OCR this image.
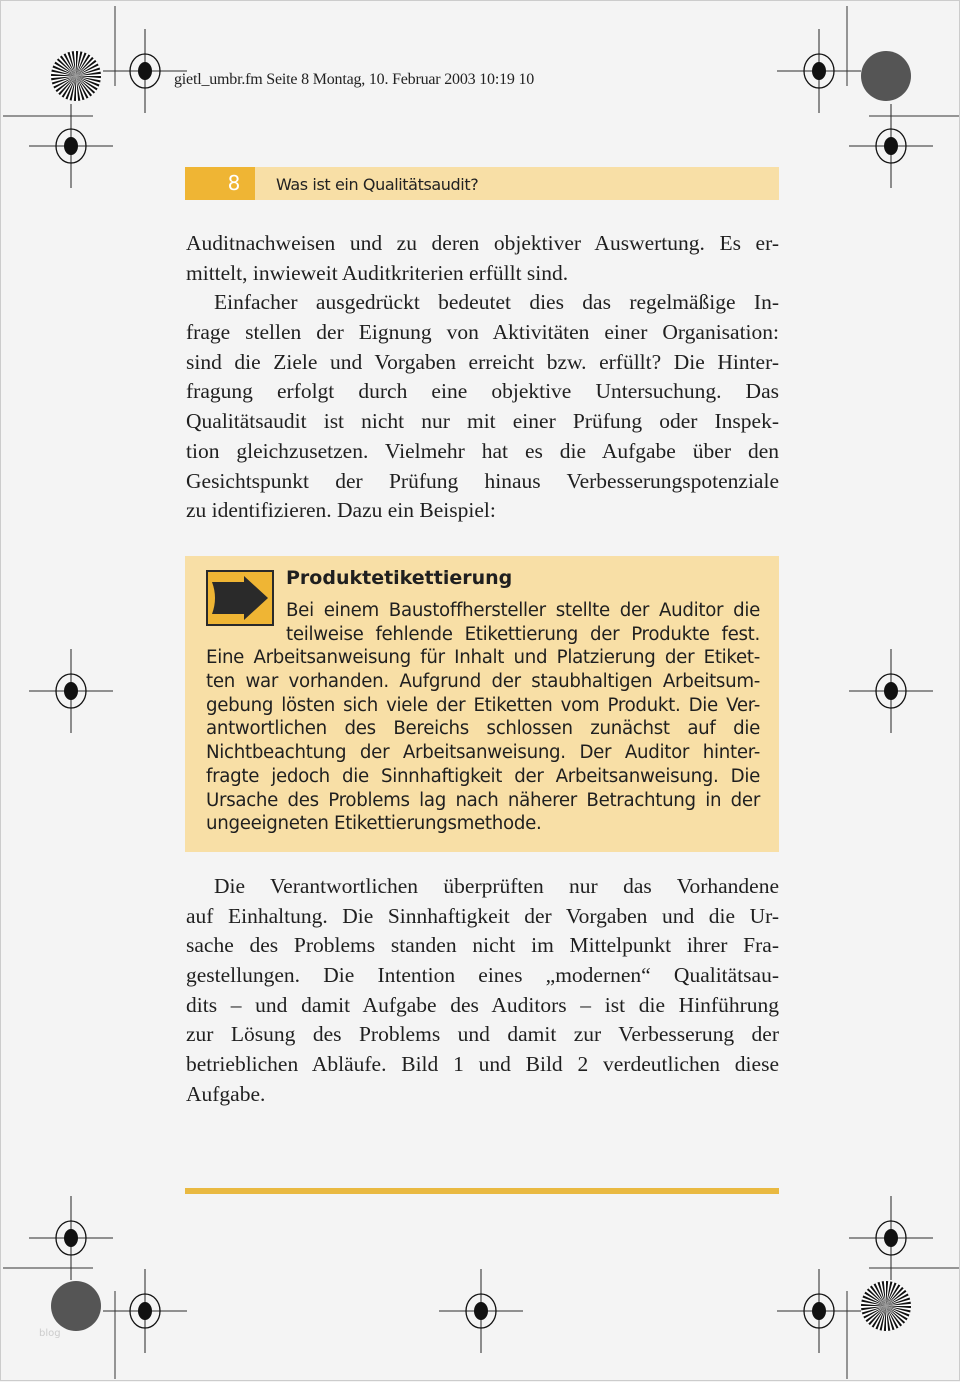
gietl_umbr.fm Seite 8 Montag, 10. Februar 2003 10:19 10
8	Was ist ein Qualitätsaudit?
Auditnachweisen und zu deren objektiver Auswertung. Es er-
mittelt, inwieweit Auditkriterien erfüllt sind.
Einfacher ausgedrückt bedeutet dies das regelmäßige In-
frage stellen der Eignung von Aktivitäten einer Organisation:
sind die Ziele und Vorgaben erreicht bzw. erfüllt? Die Hinter-
fragung erfolgt durch eine objektive Untersuchung. Das
Qualitätsaudit ist nicht nur mit einer Prüfung oder Inspek-
tion gleichzusetzen. Vielmehr hat es die Aufgabe über den
Gesichtspunkt der Prüfung hinaus Verbesserungspotenziale
zu identifizieren. Dazu ein Beispiel:
Produktetikettierung
Bei einem Baustoffhersteller stellte der Auditor die
teilweise fehlende Etikettierung der Produkte fest.
Eine Arbeitsanweisung für Inhalt und Platzierung der Etiket-
ten war vorhanden. Aufgrund der staubhaltigen Arbeitsum-
gebung lösten sich viele der Etiketten vom Produkt. Die Ver-
antwortlichen des Bereichs schlossen zunächst auf die
Nichtbeachtung der Arbeitsanweisung. Der Auditor hinter-
fragte jedoch die Sinnhaftigkeit der Arbeitsanweisung. Die
Ursache des Problems lag nach näherer Betrachtung in der
ungeeigneten Etikettierungsmethode.
Die Verantwortlichen überprüften nur das Vorhandene
auf Einhaltung. Die Sinnhaftigkeit der Vorgaben und die Ur-
sache des Problems standen nicht im Mittelpunkt ihrer Fra-
gestellungen. Die Intention eines „modernen“ Qualitätsau-
dits – und damit Aufgabe des Auditors – ist die Hinführung
zur Lösung des Problems und damit zur Verbesserung der
betrieblichen Abläufe. Bild 1 und Bild 2 verdeutlichen diese
Aufgabe.
blog
